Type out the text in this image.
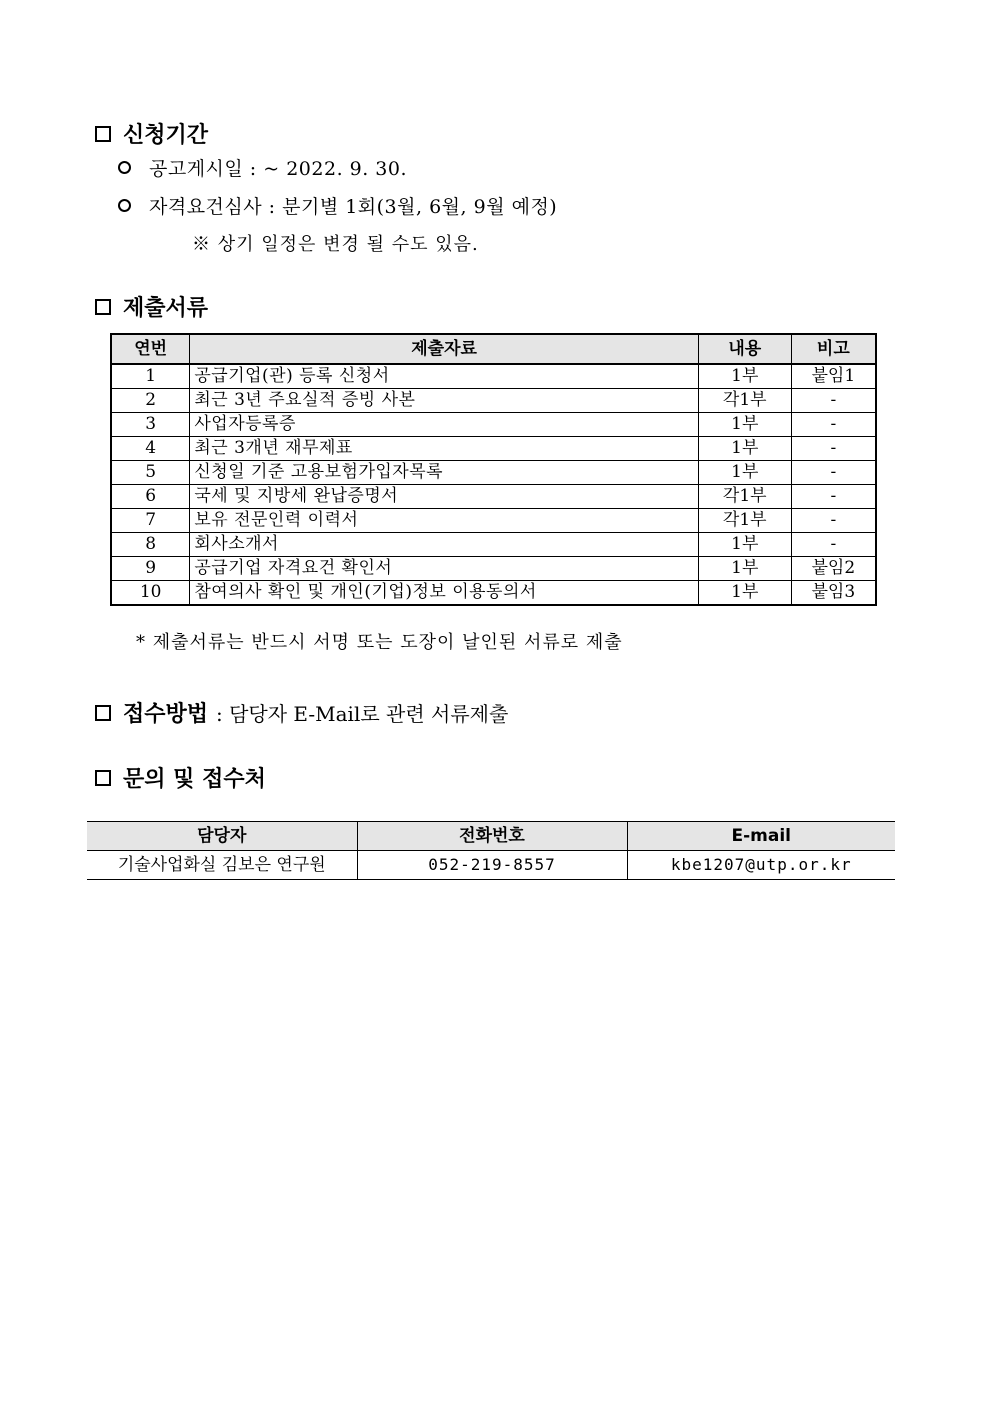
신청기간
공고게시일 : ~ 2022. 9. 30.
자격요건심사 : 분기별 1회(3월, 6월, 9월 예정)
※ 상기 일정은 변경 될 수도 있음.
제출서류
연번	제출자료	내용	비고
1	공급기업(관) 등록 신청서	1부	붙임1
2	최근 3년 주요실적 증빙 사본	각1부	-
3	사업자등록증	1부	-
4	최근 3개년 재무제표	1부	-
5	신청일 기준 고용보험가입자목록	1부	-
6	국세 및 지방세 완납증명서	각1부	-
7	보유 전문인력 이력서	각1부	-
8	회사소개서	1부	-
9	공급기업 자격요건 확인서	1부	붙임2
10	참여의사 확인 및 개인(기업)정보 이용동의서	1부	붙임3
* 제출서류는 반드시 서명 또는 도장이 날인된 서류로 제출
접수방법 : 담당자 E-Mail로 관련 서류제출
문의 및 접수처
담당자	전화번호	E-mail
기술사업화실 김보은 연구원	052-219-8557	kbe1207@utp.or.kr
